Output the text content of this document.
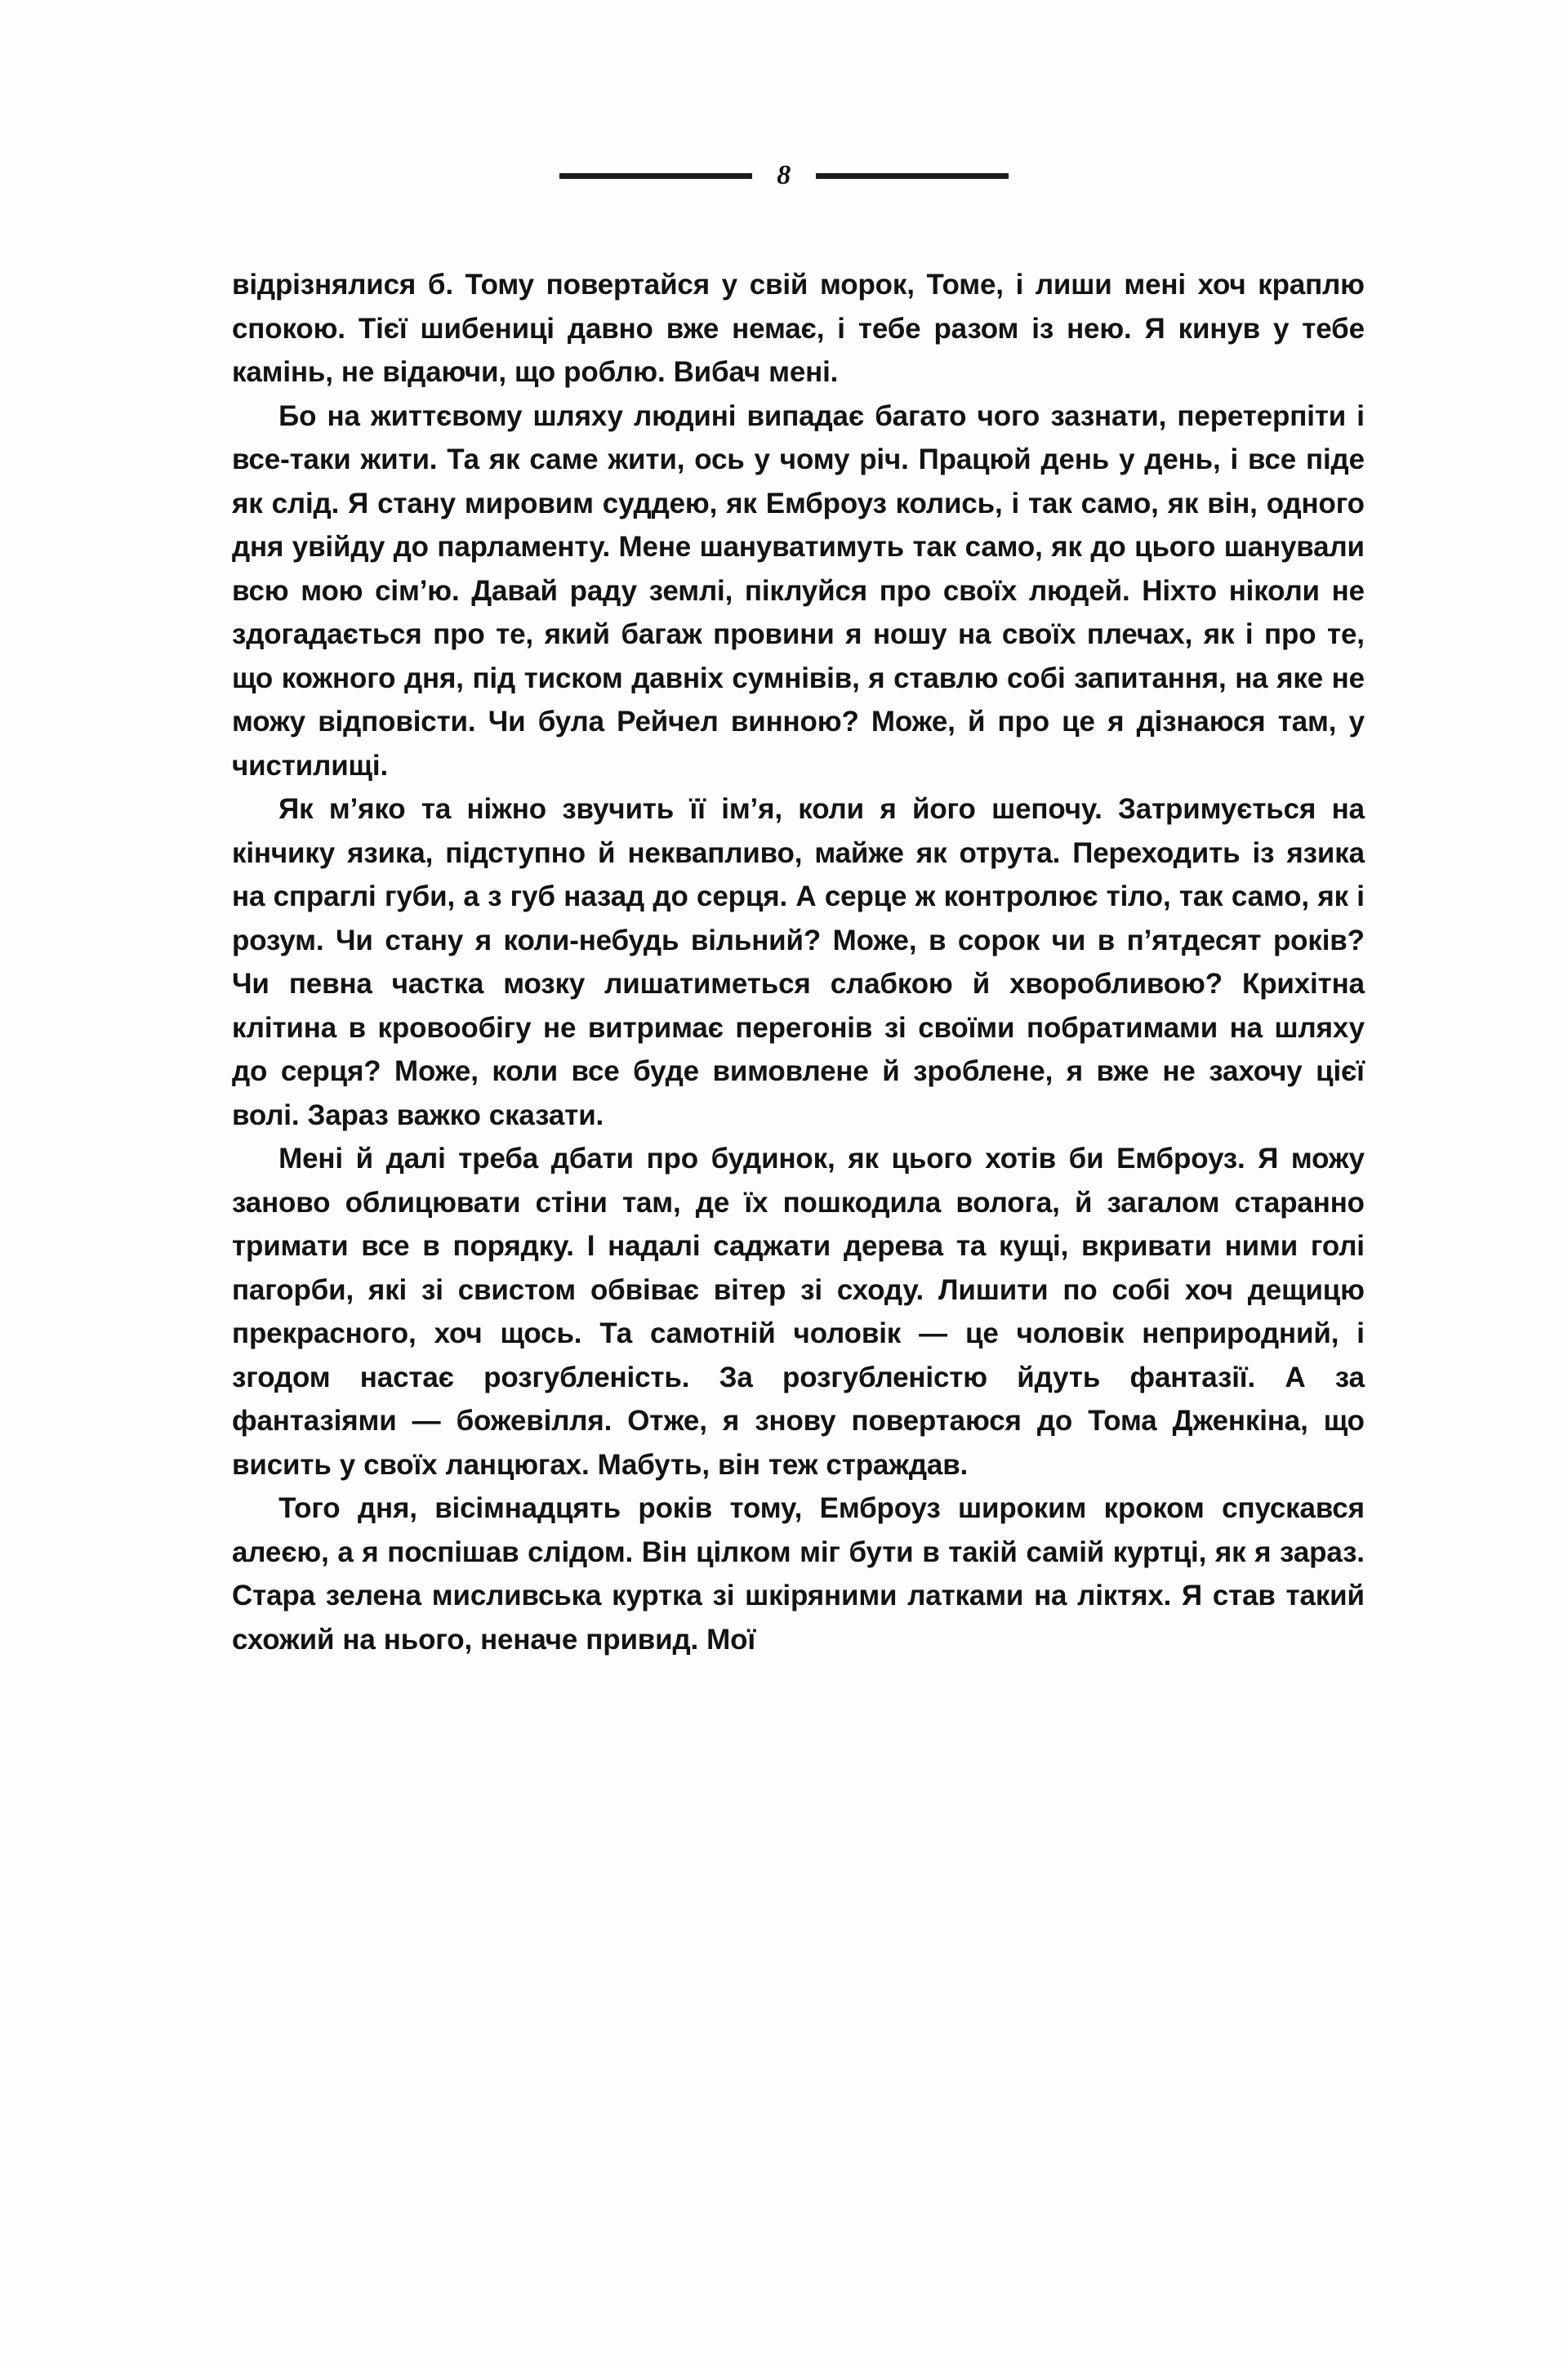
8

відрізнялися б. Тому повертайся у свій морок, Томе, і лиши мені хоч краплю спокою. Тієї шибениці давно вже немає, і тебе разом із нею. Я кинув у тебе камінь, не відаючи, що роблю. Вибач мені.

Бо на життєвому шляху людині випадає багато чого зазнати, перетерпіти і все-таки жити. Та як саме жити, ось у чому річ. Працюй день у день, і все піде як слід. Я стану мировим суддею, як Емброуз колись, і так само, як він, одного дня увійду до парламенту. Мене шануватимуть так само, як до цього шанували всю мою сім’ю. Давай раду землі, піклуйся про своїх людей. Ніхто ніколи не здогадається про те, який багаж провини я ношу на своїх плечах, як і про те, що кожного дня, під тиском давніх сумнівів, я ставлю собі запитання, на яке не можу відповісти. Чи була Рейчел винною? Може, й про це я дізнаюся там, у чистилищі.

Як м’яко та ніжно звучить її ім’я, коли я його шепочу. Затримується на кінчику язика, підступно й неквапливо, майже як отрута. Переходить із язика на спраглі губи, а з губ назад до серця. А серце ж контролює тіло, так само, як і розум. Чи стану я коли-небудь вільний? Може, в сорок чи в п’ятдесят років? Чи певна частка мозку лишатиметься слабкою й хворобливою? Крихітна клітина в кровообігу не витримає перегонів зі своїми побратимами на шляху до серця? Може, коли все буде вимовлене й зроблене, я вже не захочу цієї волі. Зараз важко сказати.

Мені й далі треба дбати про будинок, як цього хотів би Емброуз. Я можу заново облицювати стіни там, де їх пошкодила волога, й загалом старанно тримати все в порядку. І надалі саджати дерева та кущі, вкривати ними голі пагорби, які зі свистом обвіває вітер зі сходу. Лишити по собі хоч дещицю прекрасного, хоч щось. Та самотній чоловік — це чоловік неприродний, і згодом настає розгубленість. За розгубленістю йдуть фантазії. А за фантазіями — божевілля. Отже, я знову повертаюся до Тома Дженкіна, що висить у своїх ланцюгах. Мабуть, він теж страждав.

Того дня, вісімнадцять років тому, Емброуз широким кроком спускався алеєю, а я поспішав слідом. Він цілком міг бути в такій самій куртці, як я зараз. Стара зелена мисливська куртка зі шкіряними латками на ліктях. Я став такий схожий на нього, неначе привид. Мої
